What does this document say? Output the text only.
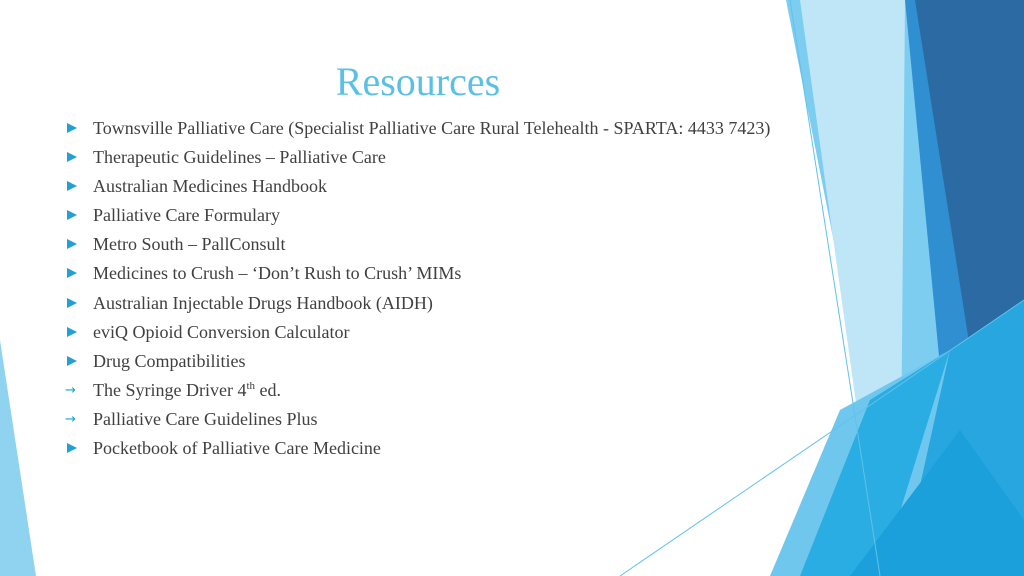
Resources
Townsville Palliative Care (Specialist Palliative Care Rural Telehealth - SPARTA: 4433 7423)
Therapeutic Guidelines – Palliative Care
Australian Medicines Handbook
Palliative Care Formulary
Metro South – PallConsult
Medicines to Crush – ‘Don’t Rush to Crush’ MIMs
Australian Injectable Drugs Handbook (AIDH)
eviQ Opioid Conversion Calculator
Drug Compatibilities
→ The Syringe Driver 4th ed.
→ Palliative Care Guidelines Plus
Pocketbook of Palliative Care Medicine
